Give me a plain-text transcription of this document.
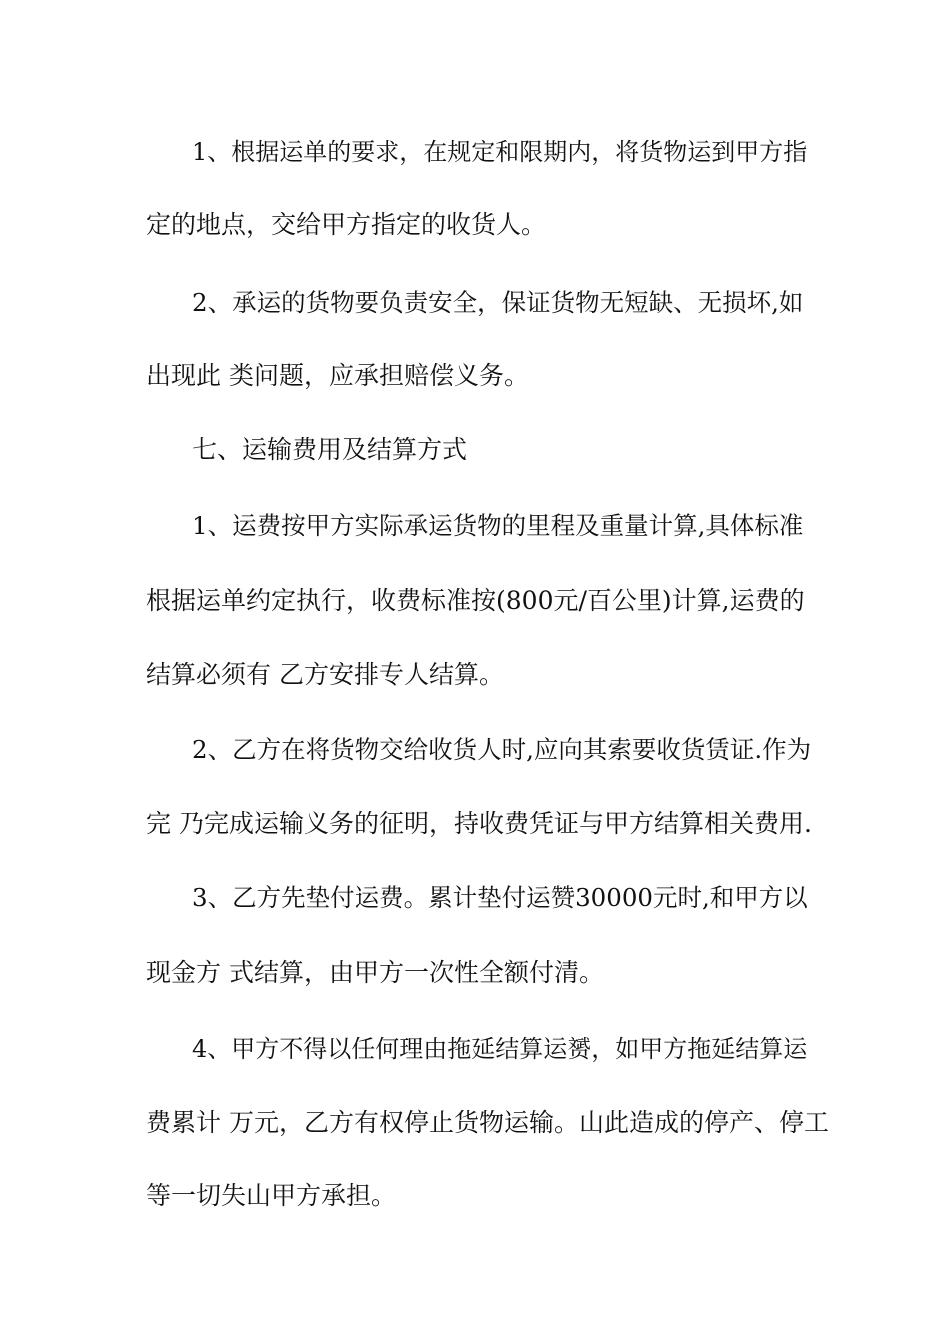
1、根据运单的要求，在规定和限期内，将货物运到甲方指
定的地点，交给甲方指定的收货人。
2、承运的货物要负责安全，保证货物无短缺、无损坏,如
出现此 类问题，应承担赔偿义务。
七、运输费用及结算方式
1、运费按甲方实际承运货物的里程及重量计算,具体标准
根据运单约定执行，收费标准按(800元/百公里)计算,运费的
结算必须有 乙方安排专人结算。
2、乙方在将货物交给收货人时,应向其索要收货赁证.作为
完 乃完成运输义务的征明，持收费凭证与甲方结算相关费用.
3、乙方先垫付运费。累计垫付运赞30000元时,和甲方以
现金方 式结算，由甲方一次性全额付清。
4、甲方不得以任何理由拖延结算运赟，如甲方拖延结算运
费累计 万元，乙方有权停止货物运输。山此造成的停产、停工
等一切失山甲方承担。
